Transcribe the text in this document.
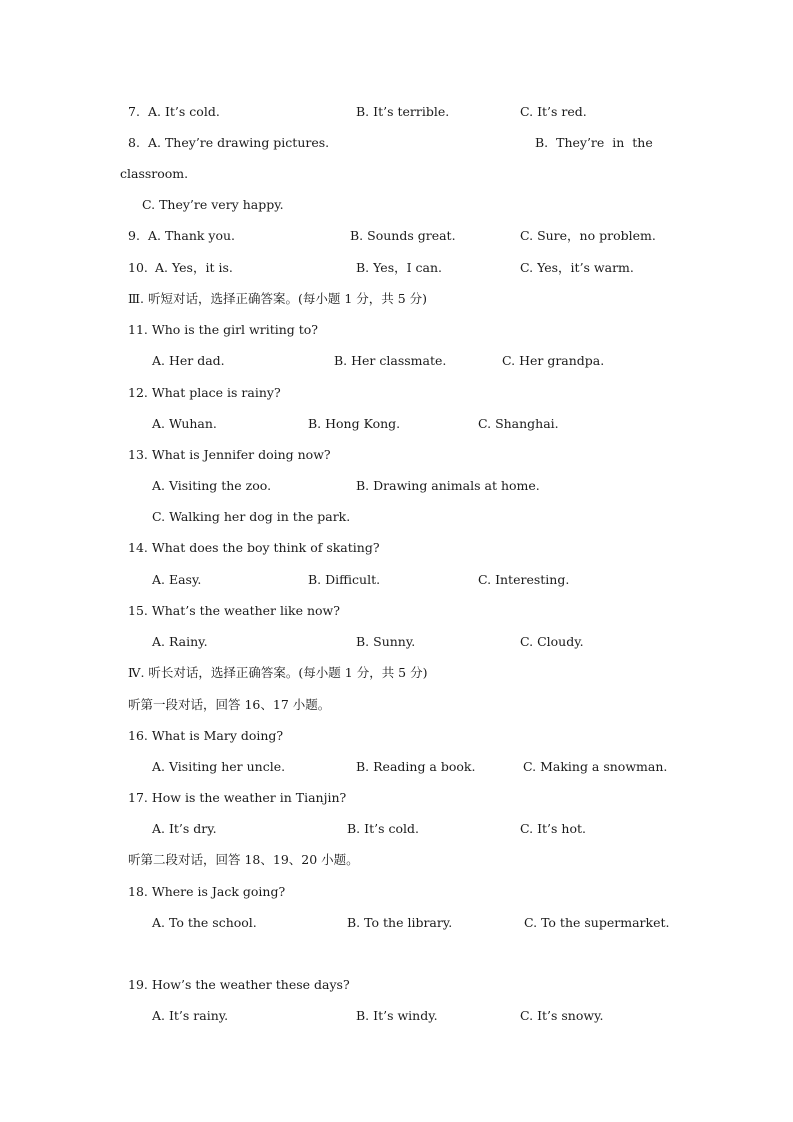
7. A. It’s cold.	B. It’s terrible.	C. It’s red.
8. A. They’re drawing pictures.	B.  They’re  in  the
classroom.
C. They’re very happy.
9. A. Thank you.	B. Sounds great.	C. Sure，no problem.
10. A. Yes，it is.	B. Yes，I can.	C. Yes，it’s warm.
Ⅲ. 听短对话，选择正确答案。(每小题 1 分，共 5 分)
11. Who is the girl writing to?
A. Her dad.	B. Her classmate.	C. Her grandpa.
12. What place is rainy?
A. Wuhan.	B. Hong Kong.	C. Shanghai.
13. What is Jennifer doing now?
A. Visiting the zoo.	B. Drawing animals at home.
C. Walking her dog in the park.
14. What does the boy think of skating?
A. Easy.	B. Difficult.	C. Interesting.
15. What’s the weather like now?
A. Rainy.	B. Sunny.	C. Cloudy.
Ⅳ. 听长对话，选择正确答案。(每小题 1 分，共 5 分)
听第一段对话，回答 16、17 小题。
16. What is Mary doing?
A. Visiting her uncle.	B. Reading a book.	C. Making a snowman.
17. How is the weather in Tianjin?
A. It’s dry.	B. It’s cold.	C. It’s hot.
听第二段对话，回答 18、19、20 小题。
18. Where is Jack going?
A. To the school.	B. To the library.	C. To the supermarket.
19. How’s the weather these days?
A. It’s rainy.	B. It’s windy.	C. It’s snowy.
